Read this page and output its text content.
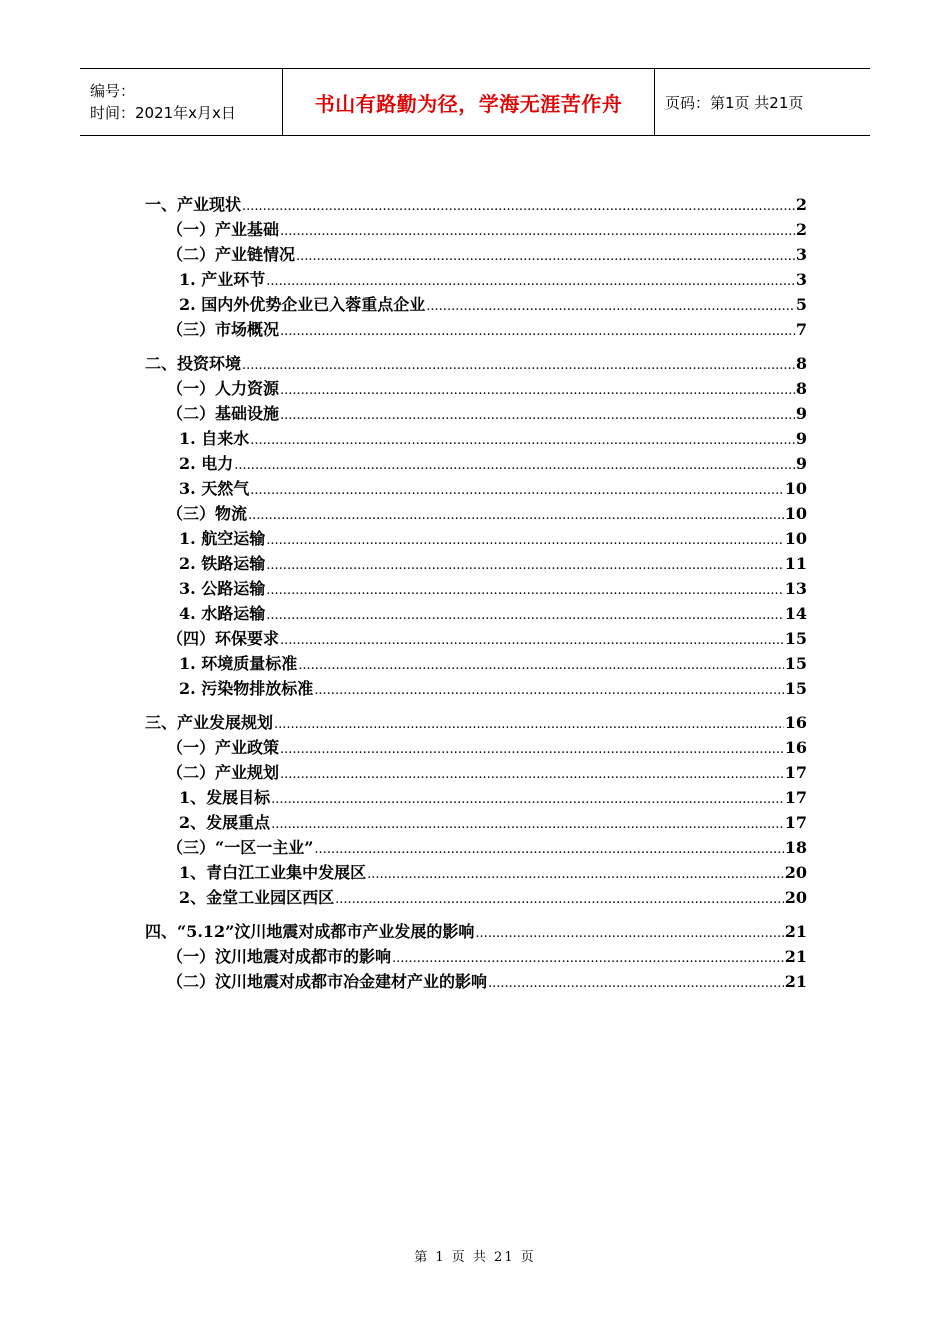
编号：
时间：2021年x月x日	书山有路勤为径，学海无涯苦作舟	页码：第1页 共21页
一、产业现状 .....	2
（一）产业基础 .....	2
（二）产业链情况 .....	3
1. 产业环节 .....	3
2. 国内外优势企业已入蓉重点企业 .....	5
（三）市场概况 .....	7
二、投资环境 .....	8
（一）人力资源 .....	8
（二）基础设施 .....	9
1. 自来水 .....	9
2. 电力 .....	9
3. 天然气 .....	10
（三）物流 .....	10
1. 航空运输 .....	10
2. 铁路运输 .....	11
3. 公路运输 .....	13
4. 水路运输 .....	14
（四）环保要求 .....	15
1. 环境质量标准 .....	15
2. 污染物排放标准 .....	15
三、产业发展规划 .....	16
（一）产业政策 .....	16
（二）产业规划 .....	17
1、发展目标 .....	17
2、发展重点 .....	17
（三）“一区一主业” .....	18
1、青白江工业集中发展区 .....	20
2、金堂工业园区西区 .....	20
四、“5.12”汶川地震对成都市产业发展的影响 .....	21
（一）汶川地震对成都市的影响 .....	21
（二）汶川地震对成都市冶金建材产业的影响 .....	21
第 1 页 共 21 页
